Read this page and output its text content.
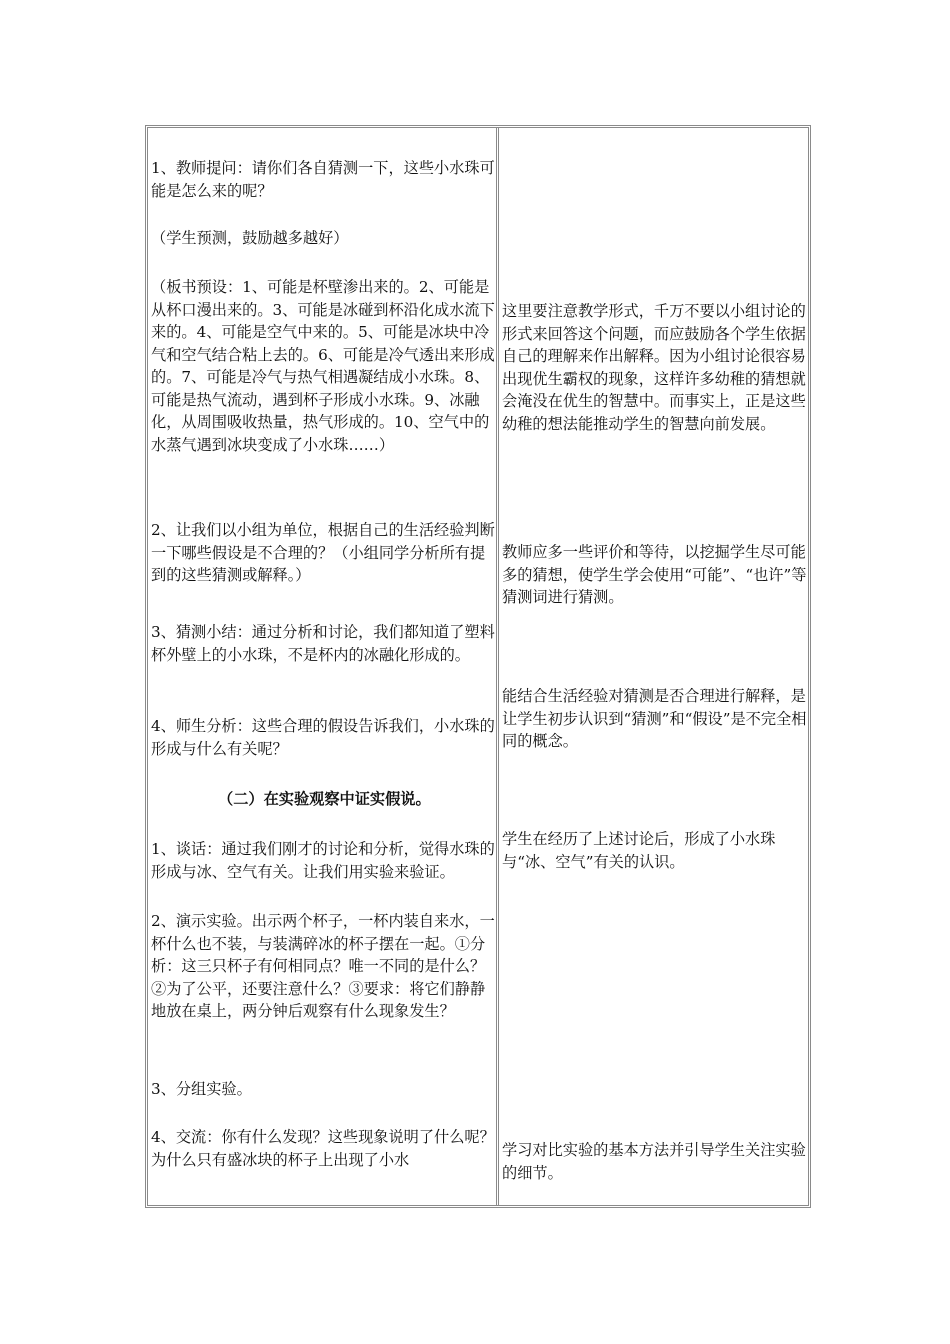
1、教师提问：请你们各自猜测一下，这些小水珠可能是怎么来的呢？

（学生预测，鼓励越多越好）

（板书预设：1、可能是杯壁渗出来的。2、可能是从杯口漫出来的。3、可能是冰碰到杯沿化成水流下来的。4、可能是空气中来的。5、可能是冰块中冷气和空气结合粘上去的。6、可能是冷气透出来形成的。7、可能是冷气与热气相遇凝结成小水珠。8、可能是热气流动，遇到杯子形成小水珠。9、冰融化，从周围吸收热量，热气形成的。10、空气中的水蒸气遇到冰块变成了小水珠……）

2、让我们以小组为单位，根据自己的生活经验判断一下哪些假设是不合理的？（小组同学分析所有提到的这些猜测或解释。）

3、猜测小结：通过分析和讨论，我们都知道了塑料杯外壁上的小水珠，不是杯内的冰融化形成的。

4、师生分析：这些合理的假设告诉我们，小水珠的形成与什么有关呢？

（二）在实验观察中证实假说。

1、谈话：通过我们刚才的讨论和分析，觉得水珠的形成与冰、空气有关。让我们用实验来验证。

2、演示实验。出示两个杯子，一杯内装自来水，一杯什么也不装，与装满碎冰的杯子摆在一起。①分析：这三只杯子有何相同点？唯一不同的是什么？②为了公平，还要注意什么？③要求：将它们静静地放在桌上，两分钟后观察有什么现象发生？

3、分组实验。

4、交流：你有什么发现？这些现象说明了什么呢？为什么只有盛冰块的杯子上出现了小水

这里要注意教学形式，千万不要以小组讨论的形式来回答这个问题，而应鼓励各个学生依据自己的理解来作出解释。因为小组讨论很容易出现优生霸权的现象，这样许多幼稚的猜想就会淹没在优生的智慧中。而事实上，正是这些幼稚的想法能推动学生的智慧向前发展。

教师应多一些评价和等待，以挖掘学生尽可能多的猜想，使学生学会使用“可能”、“也许”等猜测词进行猜测。

能结合生活经验对猜测是否合理进行解释，是让学生初步认识到“猜测”和“假设”是不完全相同的概念。

学生在经历了上述讨论后，形成了小水珠与“冰、空气”有关的认识。

学习对比实验的基本方法并引导学生关注实验的细节。
